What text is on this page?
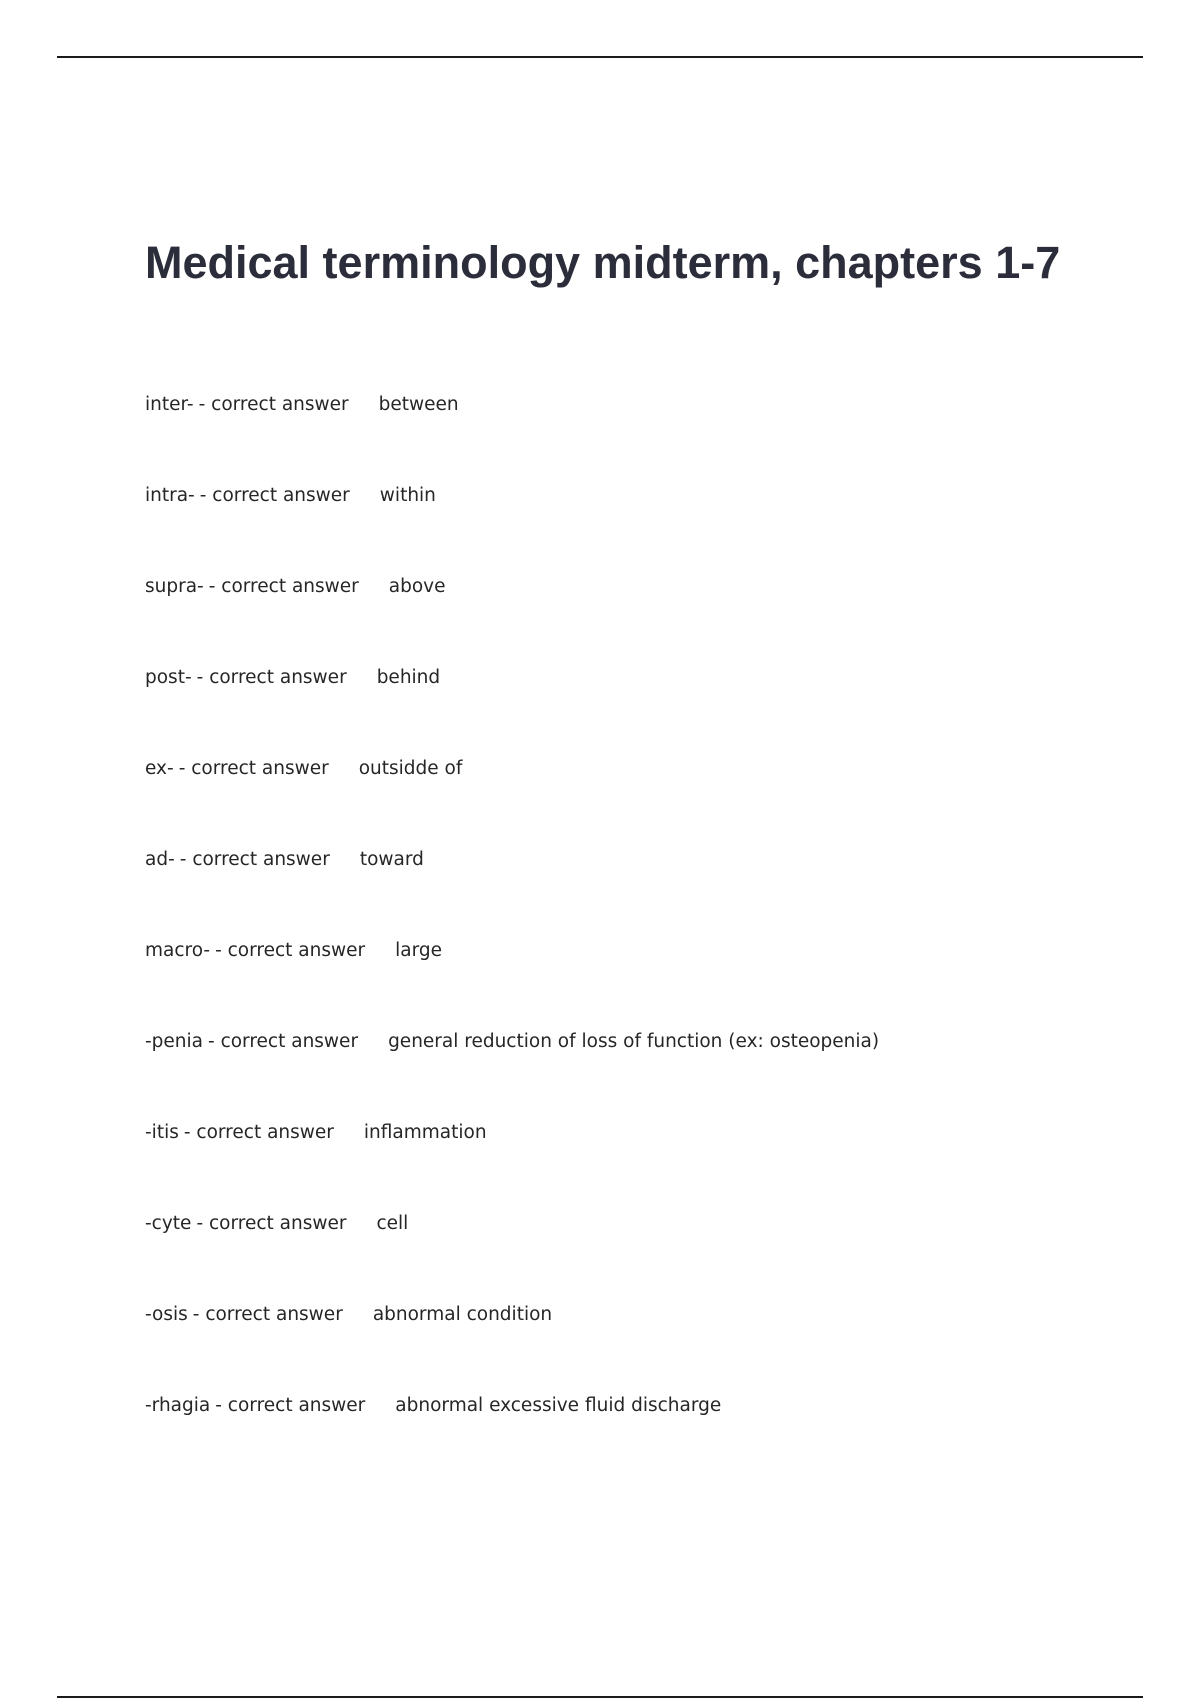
Medical terminology midterm, chapters 1-7
inter- - correct answer between
intra- - correct answer within
supra- - correct answer above
post- - correct answer behind
ex- - correct answer outsidde of
ad- - correct answer toward
macro- - correct answer large
-penia - correct answer general reduction of loss of function (ex: osteopenia)
-itis - correct answer inflammation
-cyte - correct answer cell
-osis - correct answer abnormal condition
-rhagia - correct answer abnormal excessive fluid discharge
